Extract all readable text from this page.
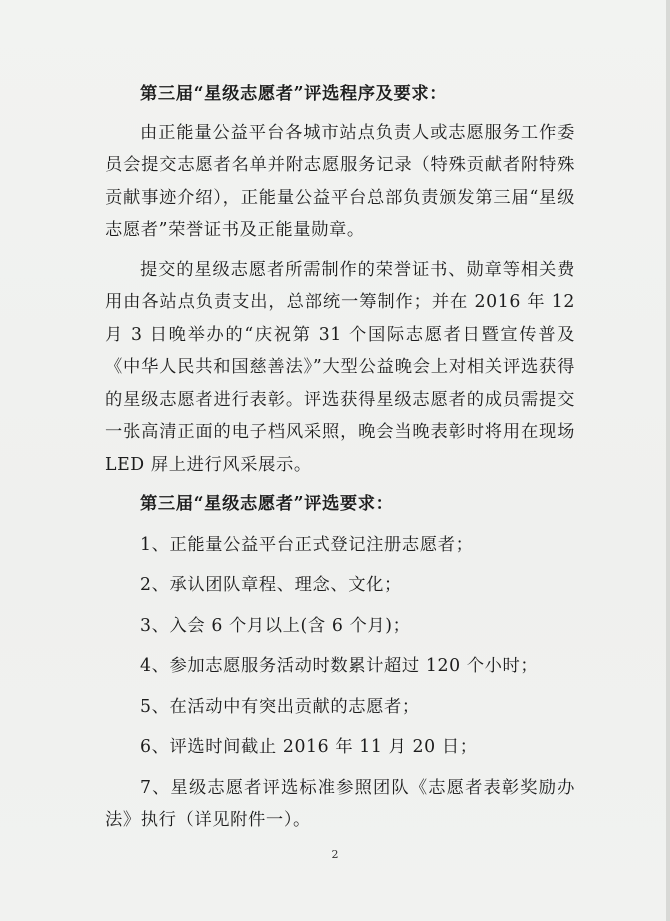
第三届“星级志愿者”评选程序及要求：

由正能量公益平台各城市站点负责人或志愿服务工作委员会提交志愿者名单并附志愿服务记录（特殊贡献者附特殊贡献事迹介绍），正能量公益平台总部负责颁发第三届“星级志愿者”荣誉证书及正能量勋章。

提交的星级志愿者所需制作的荣誉证书、勋章等相关费用由各站点负责支出，总部统一筹制作；并在 2016 年 12 月 3 日晚举办的“庆祝第 31 个国际志愿者日暨宣传普及《中华人民共和国慈善法》”大型公益晚会上对相关评选获得的星级志愿者进行表彰。评选获得星级志愿者的成员需提交一张高清正面的电子档风采照，晚会当晚表彰时将用在现场 LED 屏上进行风采展示。

第三届“星级志愿者”评选要求：

1、正能量公益平台正式登记注册志愿者；

2、承认团队章程、理念、文化；

3、入会 6 个月以上(含 6 个月)；

4、参加志愿服务活动时数累计超过 120 个小时；

5、在活动中有突出贡献的志愿者；

6、评选时间截止 2016 年 11 月 20 日；

7、星级志愿者评选标准参照团队《志愿者表彰奖励办法》执行（详见附件一）。

2
